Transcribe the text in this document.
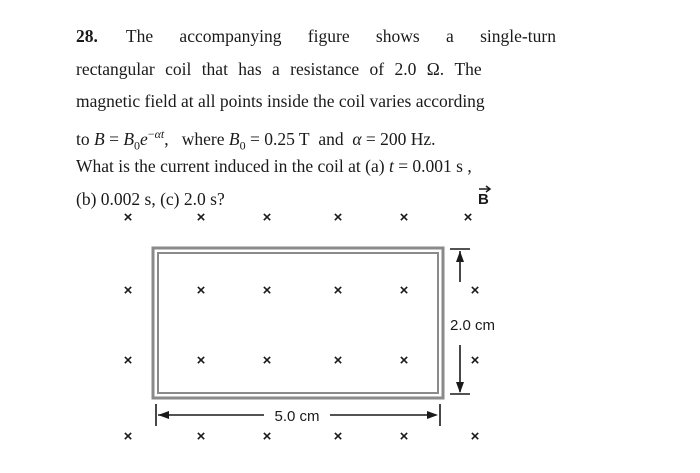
28. The accompanying figure shows a single-turn
rectangular coil that has a resistance of 2.0 Ω. The
magnetic field at all points inside the coil varies according
to $B = B_0e^{-\alpha t}$,   where $B_0 = 0.25$ T  and  α = 200 Hz.
What is the current induced in the coil at (a) t = 0.001 s ,
(b) 0.002 s, (c) 2.0 s?	B
×	×	×	×	×	×
×	×	×	×	×	×
×	×	×	×	×	×
×	×	×	×	×	×
2.0 cm
5.0 cm
